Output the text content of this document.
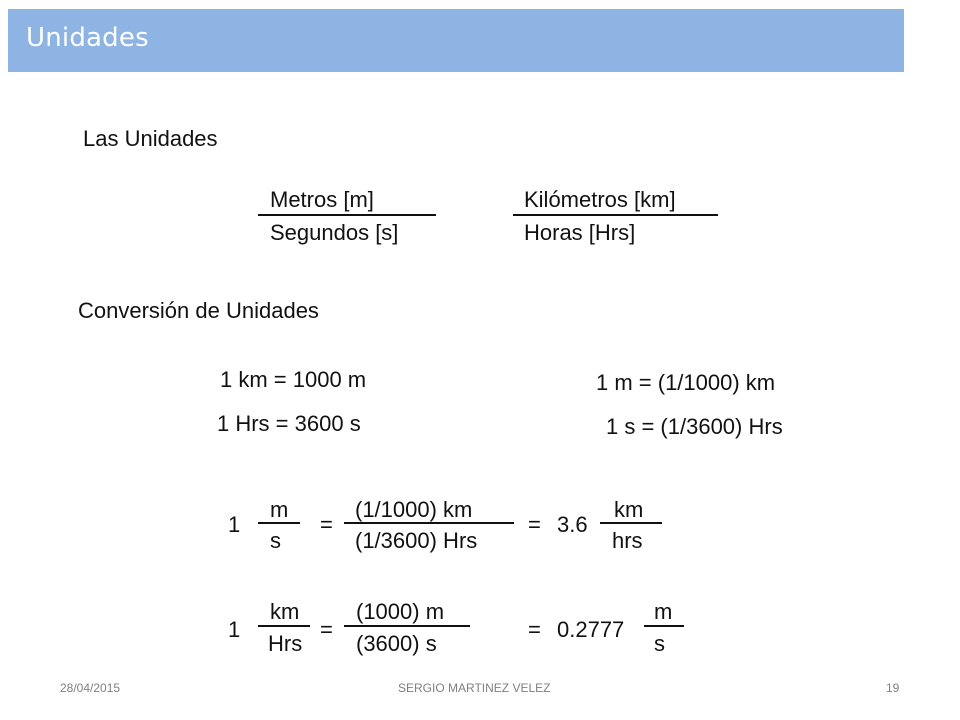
Unidades
Las Unidades
Metros [m]
Segundos [s]
Kilómetros [km]
Horas [Hrs]
Conversión de Unidades
1 km = 1000 m
1 Hrs = 3600 s
1 m = (1/1000) km
1 s = (1/3600) Hrs
1
m
s
=
(1/1000) km
(1/3600) Hrs
= 3.6
km
hrs
1
km
Hrs
=
(1000) m
(3600) s
= 0.2777
m
s
28/04/2015	SERGIO MARTINEZ VELEZ	19
